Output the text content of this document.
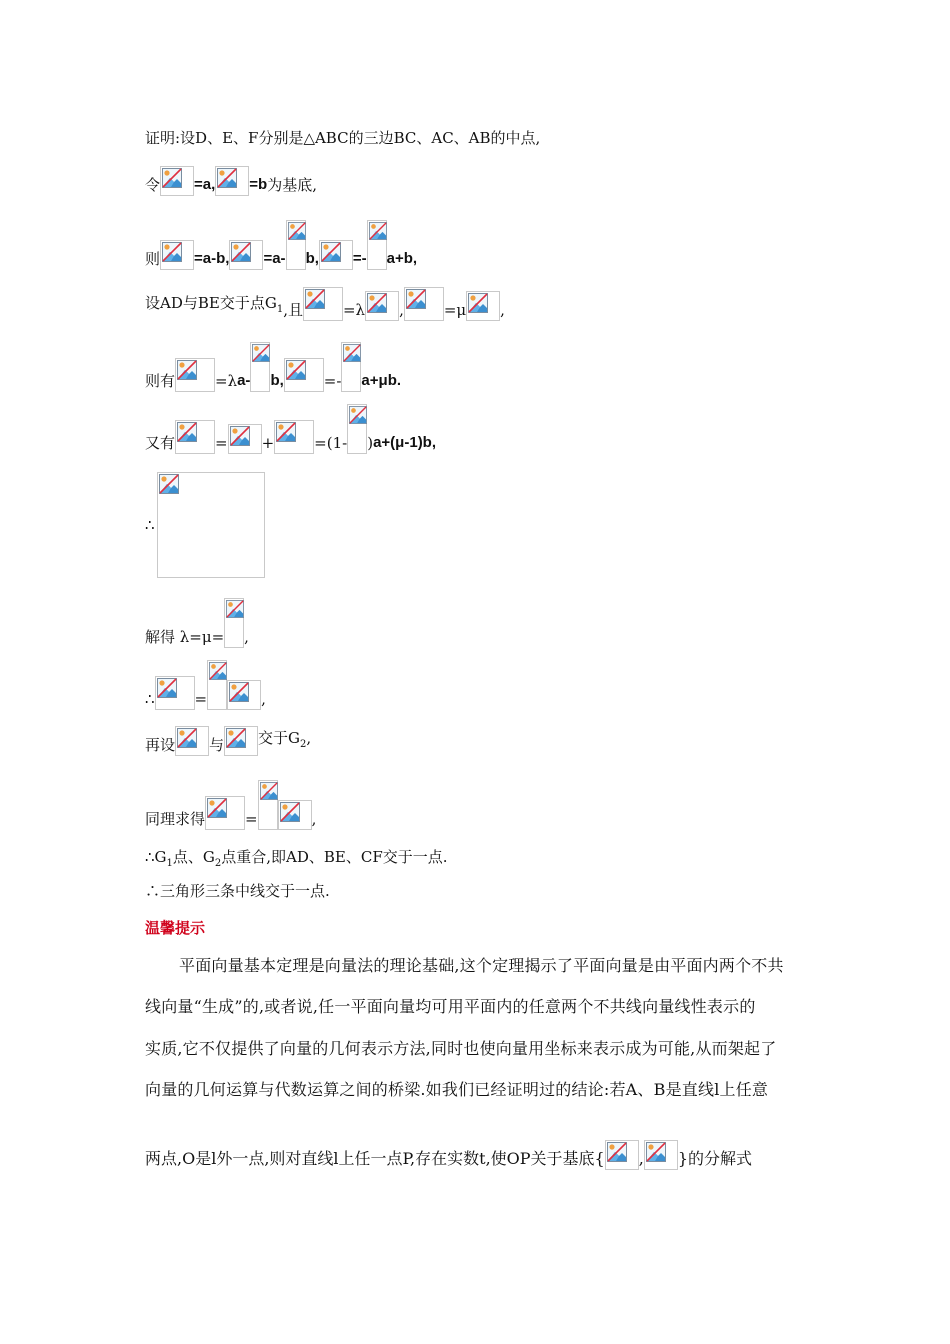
证明:设D、E、F分别是△ABC的三边BC、AC、AB的中点,
令 =a, =b 为基底,
则 =a-b, =a- b, =- a+b,
设AD与BE交于点$G_1$ ,且	=λ ,	=μ ,
则有	=λ a- b,	=- a+μb.
又有	= +	=(1- ) a+(μ-1)b,
∴
解得 λ=μ= ,
∴	=	,
再设 与 交于$G_2$,
同理求得	=	,
$\therefore G_1$点、$G_2$点重合,即AD、BE、CF交于一点.
∴三角形三条中线交于一点.
温馨提示
平面向量基本定理是向量法的理论基础,这个定理揭示了平面向量是由平面内两个不共
线向量“生成”的,或者说,任一平面向量均可用平面内的任意两个不共线向量线性表示的
实质,它不仅提供了向量的几何表示方法,同时也使向量用坐标来表示成为可能,从而架起了
向量的几何运算与代数运算之间的桥梁.如我们已经证明过的结论:若A、B是直线l上任意
两点,O是l外一点,则对直线l上任一点P,存在实数t,使OP关于基底{ , }的分解式
